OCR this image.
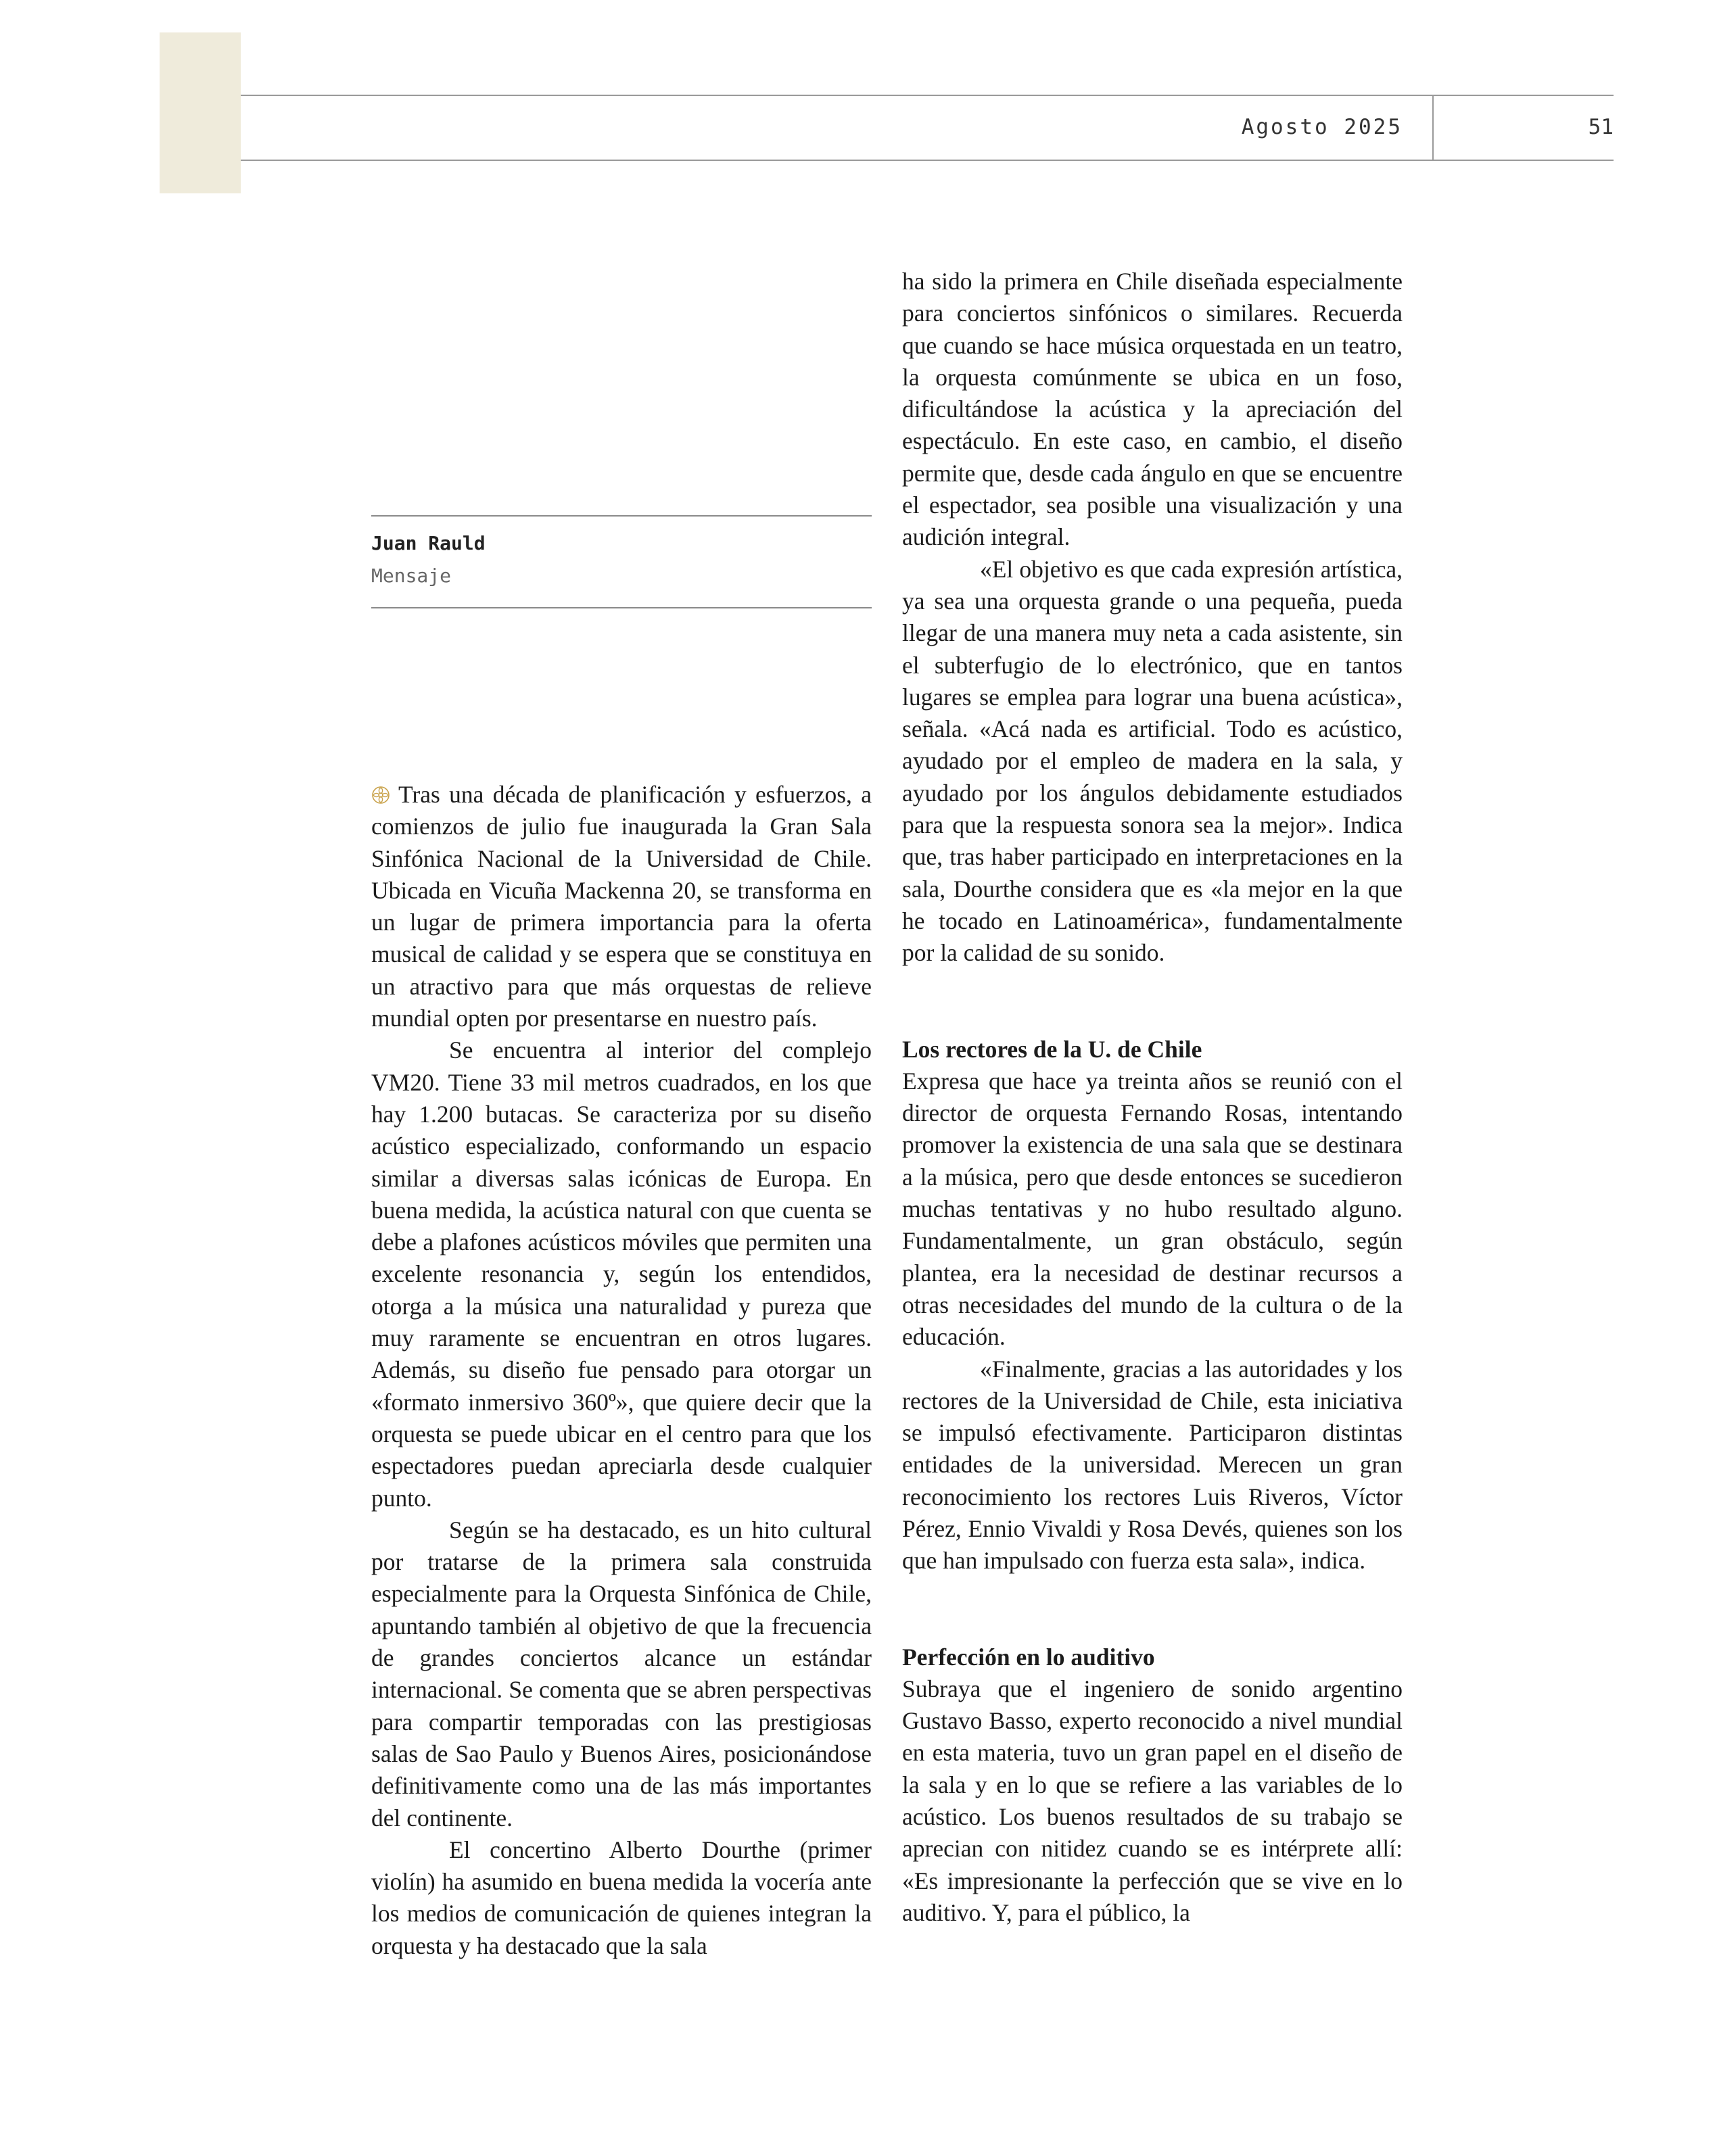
Agosto 2025	51
Juan Rauld
Mensaje

Tras una década de planificación y esfuerzos, a comienzos de julio fue inaugurada la Gran Sala Sinfónica Nacional de la Universidad de Chile. Ubicada en Vicuña Mackenna 20, se transforma en un lugar de primera importancia para la oferta musical de calidad y se espera que se constituya en un atractivo para que más orquestas de relieve mundial opten por presentarse en nuestro país.

Se encuentra al interior del complejo VM20. Tiene 33 mil metros cuadrados, en los que hay 1.200 butacas. Se caracteriza por su diseño acústico especializado, conformando un espacio similar a diversas salas icónicas de Europa. En buena medida, la acústica natural con que cuenta se debe a plafones acústicos móviles que permiten una excelente resonancia y, según los entendidos, otorga a la música una naturalidad y pureza que muy raramente se encuentran en otros lugares. Además, su diseño fue pensado para otorgar un «formato inmersivo 360º», que quiere decir que la orquesta se puede ubicar en el centro para que los espectadores puedan apreciarla desde cualquier punto.

Según se ha destacado, es un hito cultural por tratarse de la primera sala construida especialmente para la Orquesta Sinfónica de Chile, apuntando también al objetivo de que la frecuencia de grandes conciertos alcance un estándar internacional. Se comenta que se abren perspectivas para compartir temporadas con las prestigiosas salas de Sao Paulo y Buenos Aires, posicionándose definitivamente como una de las más importantes del continente.

El concertino Alberto Dourthe (primer violín) ha asumido en buena medida la vocería ante los medios de comunicación de quienes integran la orquesta y ha destacado que la sala

ha sido la primera en Chile diseñada especialmente para conciertos sinfónicos o similares. Recuerda que cuando se hace música orquestada en un teatro, la orquesta comúnmente se ubica en un foso, dificultándose la acústica y la apreciación del espectáculo. En este caso, en cambio, el diseño permite que, desde cada ángulo en que se encuentre el espectador, sea posible una visualización y una audición integral.

«El objetivo es que cada expresión artística, ya sea una orquesta grande o una pequeña, pueda llegar de una manera muy neta a cada asistente, sin el subterfugio de lo electrónico, que en tantos lugares se emplea para lograr una buena acústica», señala. «Acá nada es artificial. Todo es acústico, ayudado por el empleo de madera en la sala, y ayudado por los ángulos debidamente estudiados para que la respuesta sonora sea la mejor». Indica que, tras haber participado en interpretaciones en la sala, Dourthe considera que es «la mejor en la que he tocado en Latinoamérica», fundamentalmente por la calidad de su sonido.

Los rectores de la U. de Chile

Expresa que hace ya treinta años se reunió con el director de orquesta Fernando Rosas, intentando promover la existencia de una sala que se destinara a la música, pero que desde entonces se sucedieron muchas tentativas y no hubo resultado alguno. Fundamentalmente, un gran obstáculo, según plantea, era la necesidad de destinar recursos a otras necesidades del mundo de la cultura o de la educación.

«Finalmente, gracias a las autoridades y los rectores de la Universidad de Chile, esta iniciativa se impulsó efectivamente. Participaron distintas entidades de la universidad. Merecen un gran reconocimiento los rectores Luis Riveros, Víctor Pérez, Ennio Vivaldi y Rosa Devés, quienes son los que han impulsado con fuerza esta sala», indica.

Perfección en lo auditivo

Subraya que el ingeniero de sonido argentino Gustavo Basso, experto reconocido a nivel mundial en esta materia, tuvo un gran papel en el diseño de la sala y en lo que se refiere a las variables de lo acústico. Los buenos resultados de su trabajo se aprecian con nitidez cuando se es intérprete allí: «Es impresionante la perfección que se vive en lo auditivo. Y, para el público, la
